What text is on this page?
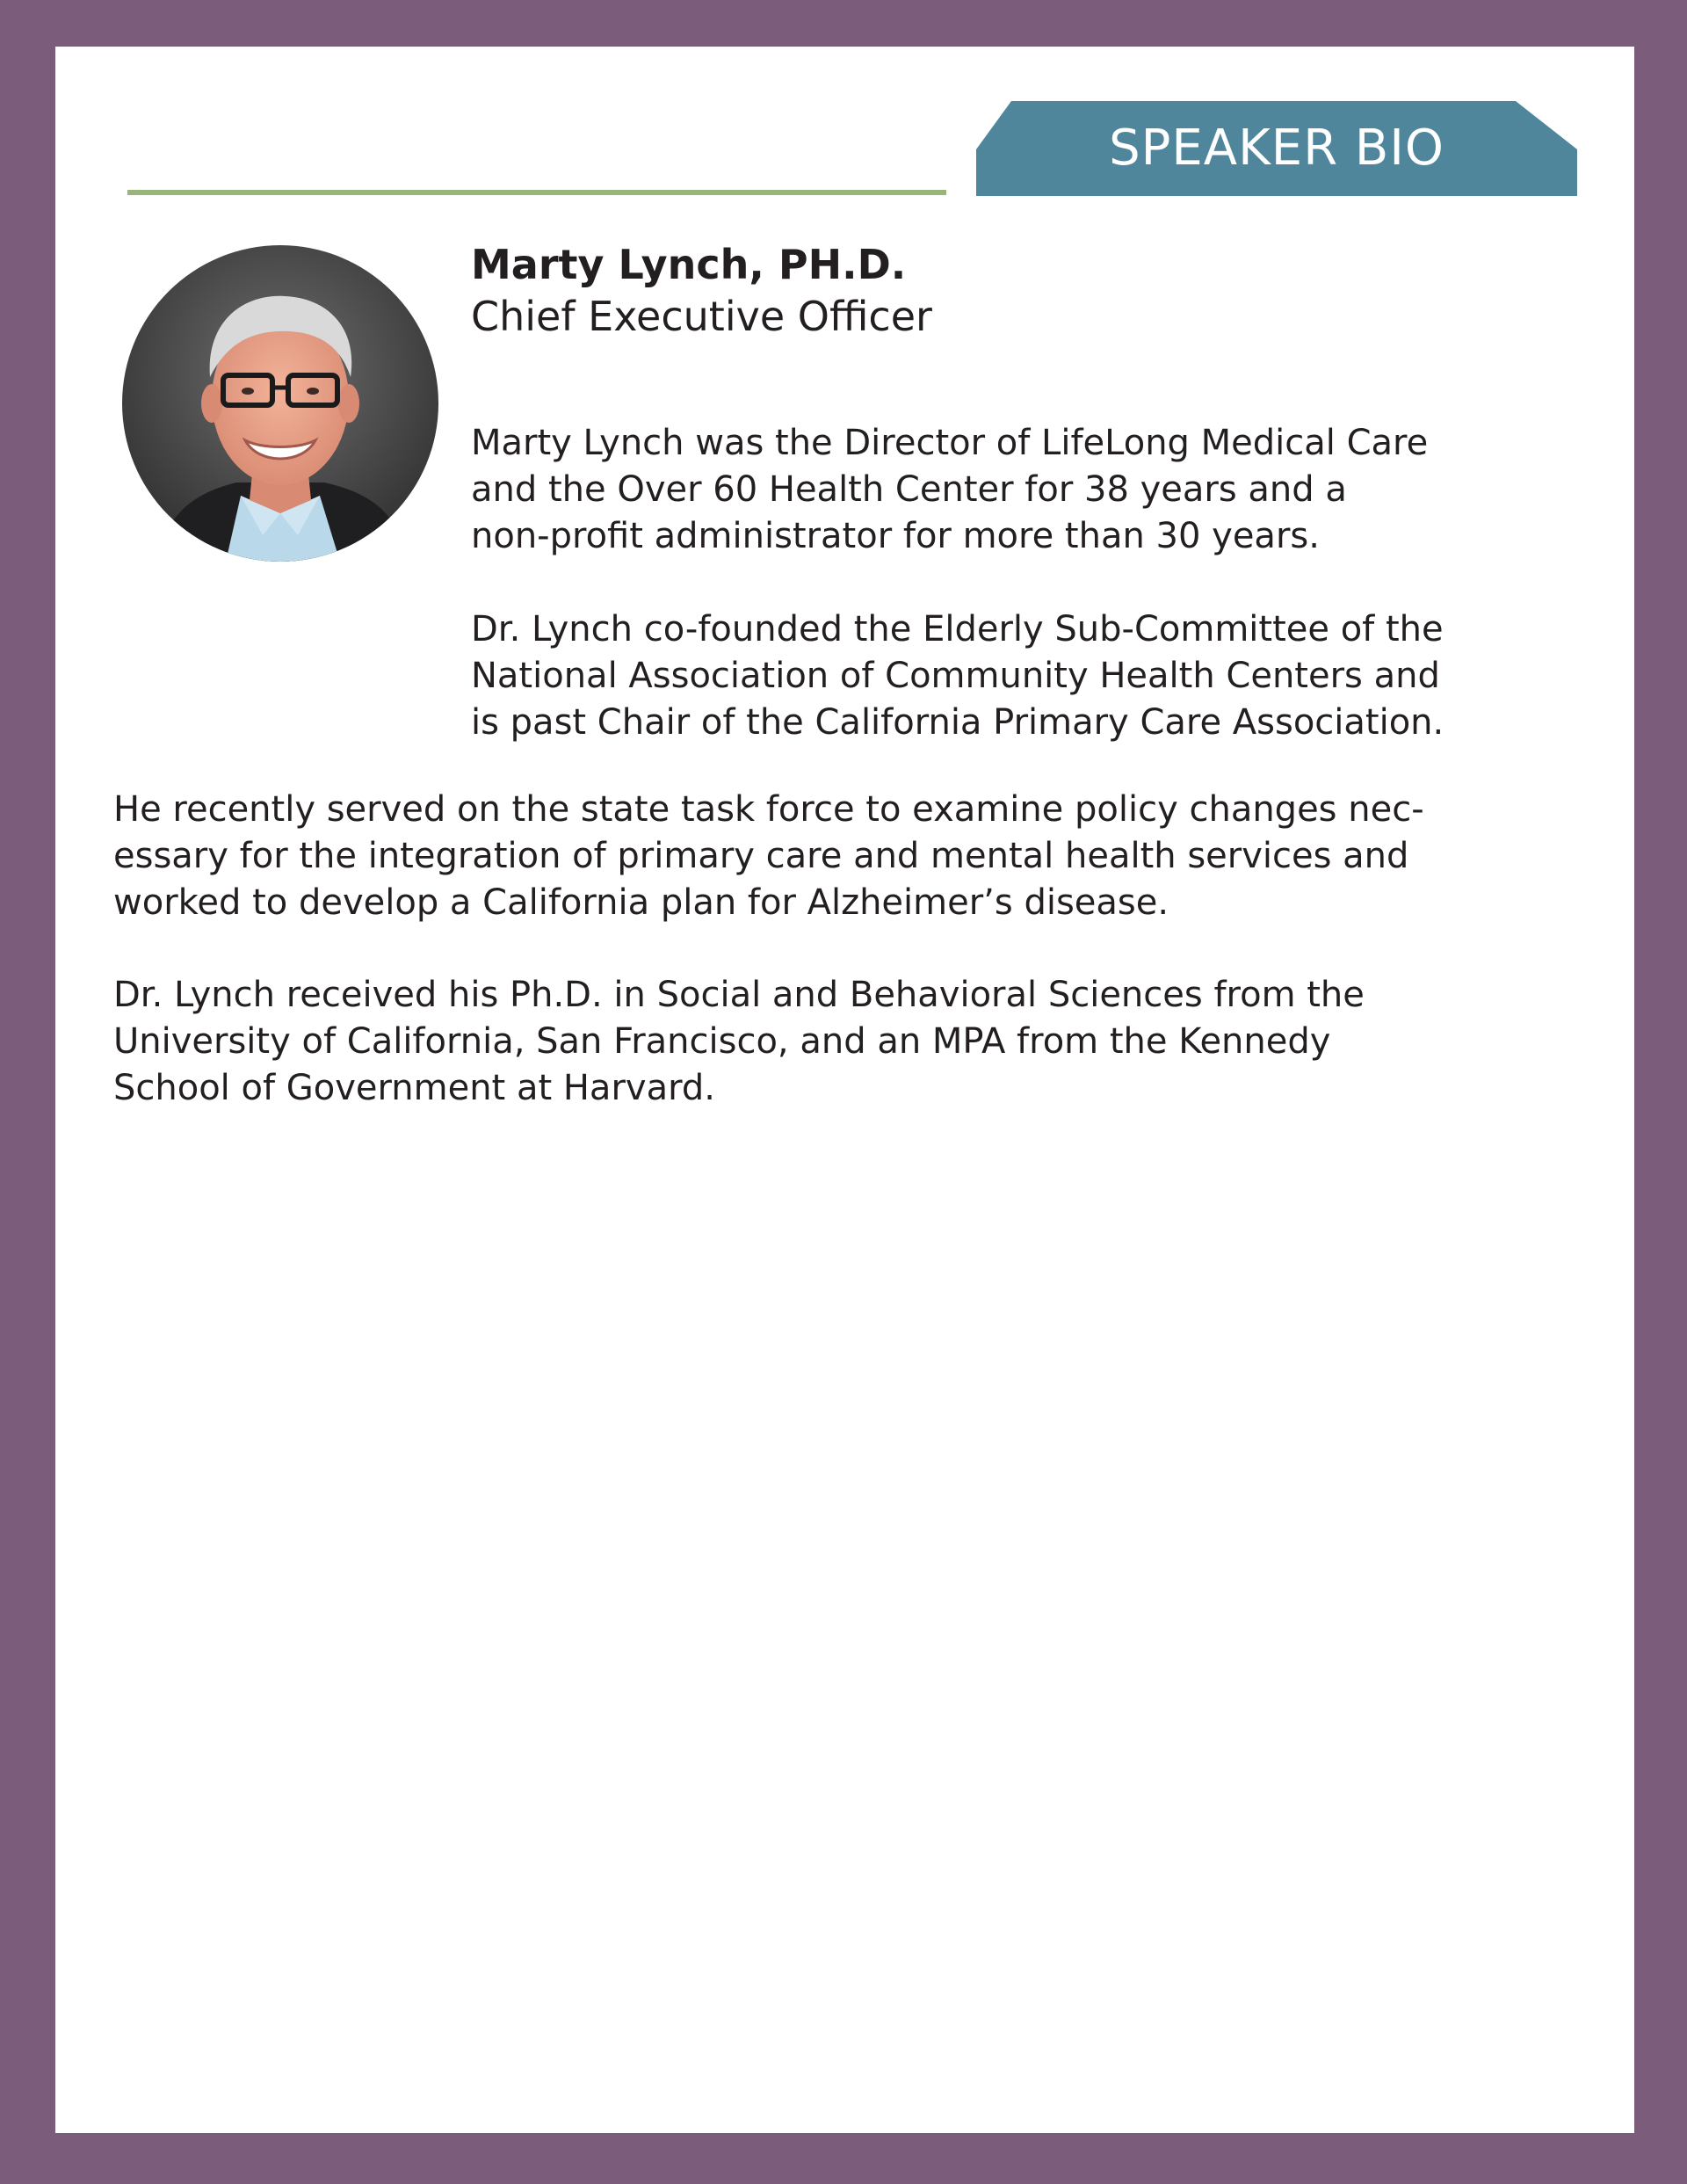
SPEAKER BIO
Marty Lynch, PH.D.
Chief Executive Officer
Marty Lynch was the Director of LifeLong Medical Care
and the Over 60 Health Center for 38 years and a
non-profit administrator for more than 30 years.
Dr. Lynch co-founded the Elderly Sub-Committee of the
National Association of Community Health Centers and
is past Chair of the California Primary Care Association.
He recently served on the state task force to examine policy changes nec-
essary for the integration of primary care and mental health services and
worked to develop a California plan for Alzheimer’s disease.
Dr. Lynch received his Ph.D. in Social and Behavioral Sciences from the
University of California, San Francisco, and an MPA from the Kennedy
School of Government at Harvard.
